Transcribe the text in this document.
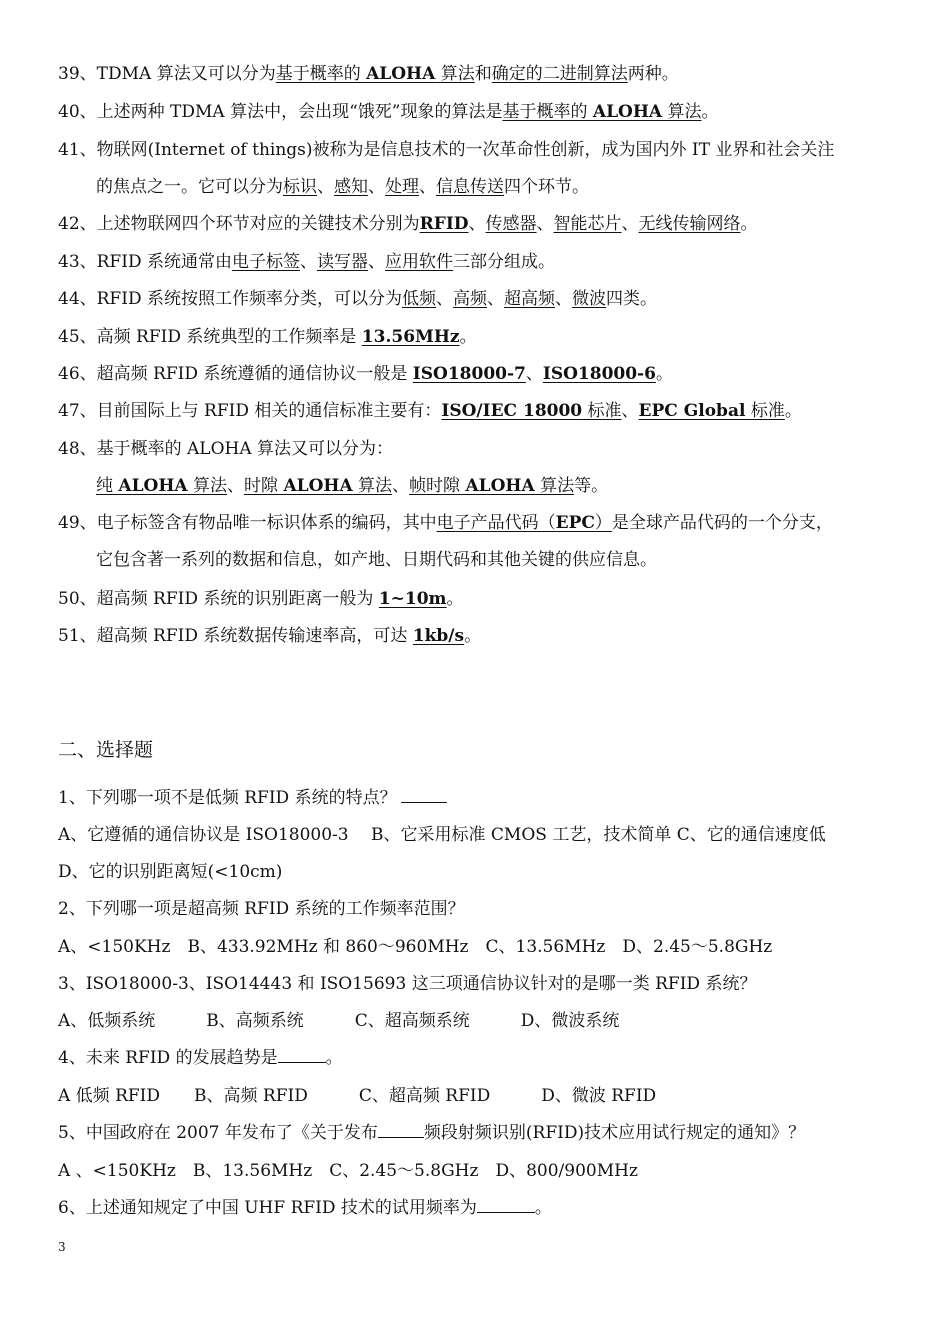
39、TDMA 算法又可以分为基于概率的 ALOHA 算法和确定的二进制算法两种。
40、上述两种 TDMA 算法中，会出现“饿死”现象的算法是基于概率的 ALOHA 算法。
41、物联网(Internet of things)被称为是信息技术的一次革命性创新，成为国内外 IT 业界和社会关注
的焦点之一。它可以分为标识、感知、处理、信息传送四个环节。
42、上述物联网四个环节对应的关键技术分别为RFID、传感器、智能芯片、无线传输网络。
43、RFID 系统通常由电子标签、读写器、应用软件三部分组成。
44、RFID 系统按照工作频率分类，可以分为低频、高频、超高频、微波四类。
45、高频 RFID 系统典型的工作频率是 13.56MHz。
46、超高频 RFID 系统遵循的通信协议一般是 ISO18000-7、ISO18000-6。
47、目前国际上与 RFID 相关的通信标准主要有：ISO/IEC 18000 标准、EPC Global 标准。
48、基于概率的 ALOHA 算法又可以分为：
纯 ALOHA 算法、时隙 ALOHA 算法、帧时隙 ALOHA 算法等。
49、电子标签含有物品唯一标识体系的编码，其中电子产品代码（EPC）是全球产品代码的一个分支，
它包含著一系列的数据和信息，如产地、日期代码和其他关键的供应信息。
50、超高频 RFID 系统的识别距离一般为 1~10m。
51、超高频 RFID 系统数据传输速率高，可达 1kb/s。
二、选择题
1、下列哪一项不是低频 RFID 系统的特点？
A、它遵循的通信协议是 ISO18000-3　 B、它采用标准 CMOS 工艺，技术简单 C、它的通信速度低
D、它的识别距离短(<10cm)
2、下列哪一项是超高频 RFID 系统的工作频率范围？
A、<150KHz　B、433.92MHz 和 860～960MHz　C、13.56MHz　D、2.45～5.8GHz
3、ISO18000-3、ISO14443 和 ISO15693 这三项通信协议针对的是哪一类 RFID 系统？
A、低频系统　　　B、高频系统　　　C、超高频系统　　　D、微波系统
4、未来 RFID 的发展趋势是	。
A 低频 RFID　　B、高频 RFID　　　C、超高频 RFID　　　D、微波 RFID
5、中国政府在 2007 年发布了《关于发布	频段射频识别(RFID)技术应用试行规定的通知》？
A 、<150KHz　B、13.56MHz　C、2.45～5.8GHz　D、800/900MHz
6、上述通知规定了中国 UHF RFID 技术的试用频率为	。
3
